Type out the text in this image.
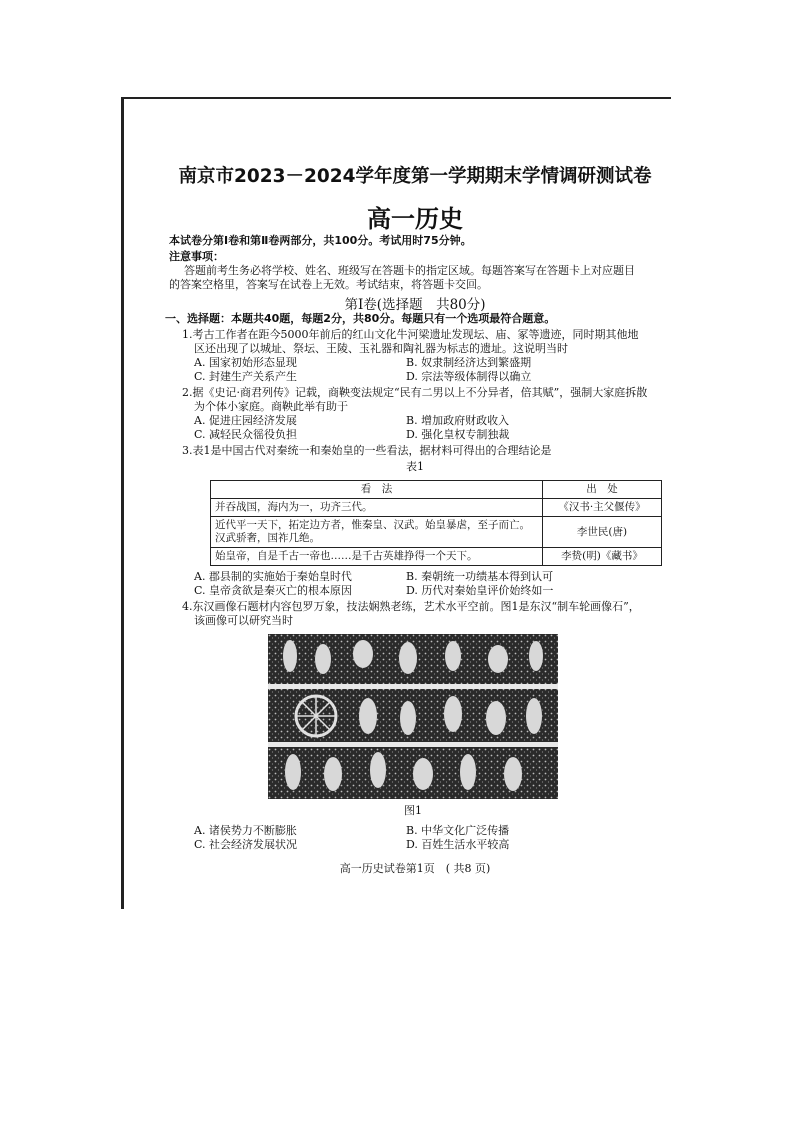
南京市2023－2024学年度第一学期期末学情调研测试卷
高一历史
本试卷分第Ⅰ卷和第Ⅱ卷两部分，共100分。考试用时75分钟。
注意事项：
答题前考生务必将学校、姓名、班级写在答题卡的指定区域。每题答案写在答题卡上对应题目
的答案空格里，答案写在试卷上无效。考试结束，将答题卡交回。
第Ⅰ卷(选择题　共80分)
一、选择题：本题共40题，每题2分，共80分。每题只有一个选项最符合题意。
1.考古工作者在距今5000年前后的红山文化牛河梁遗址发现坛、庙、冢等遗迹，同时期其他地
区还出现了以城址、祭坛、王陵、玉礼器和陶礼器为标志的遗址。这说明当时
A. 国家初始形态显现	B. 奴隶制经济达到繁盛期
C. 封建生产关系产生	D. 宗法等级体制得以确立
2.据《史记·商君列传》记载，商鞅变法规定“民有二男以上不分异者，倍其赋”，强制大家庭拆散
为个体小家庭。商鞅此举有助于
A. 促进庄园经济发展	B. 增加政府财政收入
C. 减轻民众徭役负担	D. 强化皇权专制独裁
3.表1是中国古代对秦统一和秦始皇的一些看法，据材料可得出的合理结论是
表1
看　法	出　处
并吞战国，海内为一，功齐三代。	《汉书·主父偃传》

近代平一天下，拓定边方者，惟秦皇、汉武。始皇暴虐，至子而亡。
汉武骄奢，国祚几绝。	李世民(唐)
始皇帝，自是千古一帝也……是千古英雄挣得一个天下。	李贽(明)《藏书》
A. 郡县制的实施始于秦始皇时代	B. 秦朝统一功绩基本得到认可
C. 皇帝贪欲是秦灭亡的根本原因	D. 历代对秦始皇评价始终如一
4.东汉画像石题材内容包罗万象，技法娴熟老练，艺术水平空前。图1是东汉“制车轮画像石”，
该画像可以研究当时
图1
A. 诸侯势力不断膨胀	B. 中华文化广泛传播
C. 社会经济发展状况	D. 百姓生活水平较高
高一历史试卷第1页　( 共8 页)
